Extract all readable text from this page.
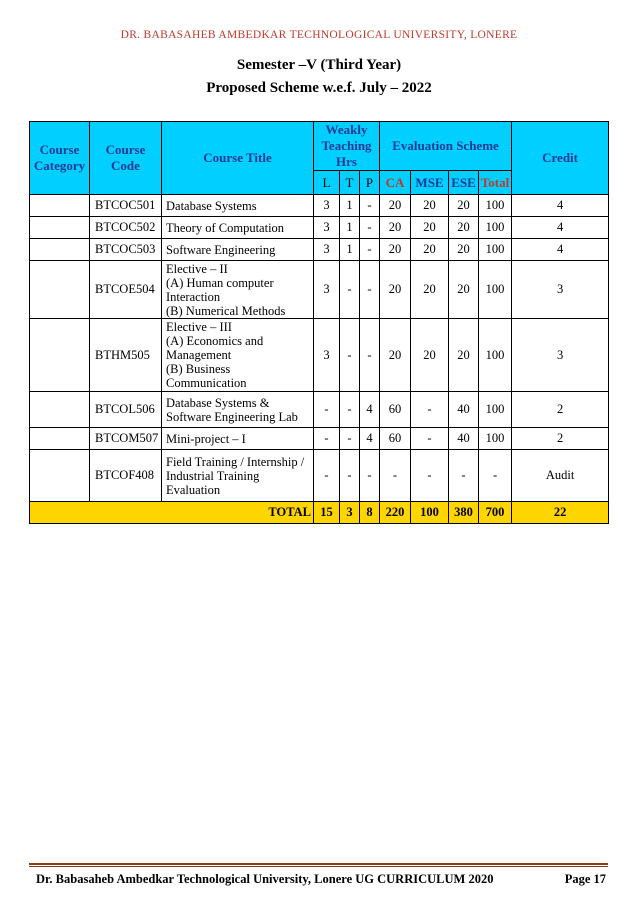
DR. BABASAHEB AMBEDKAR TECHNOLOGICAL UNIVERSITY, LONERE
Semester –V (Third Year)
Proposed Scheme w.e.f. July – 2022
Course Category	Course Code	Course Title	Weakly Teaching Hrs			Evaluation Scheme				Credit
			L	T	P	CA	MSE	ESE	Total	
	BTCOC501	Database Systems	3	1	-	20	20	20	100	4
	BTCOC502	Theory of Computation	3	1	-	20	20	20	100	4
	BTCOC503	Software Engineering	3	1	-	20	20	20	100	4
	BTCOE504	Elective – II
(A) Human computer
Interaction
(B) Numerical Methods	3	-	-	20	20	20	100	3
	BTHM505	Elective – III
(A) Economics and
Management
(B) Business
Communication	3	-	-	20	20	20	100	3
	BTCOL506	Database Systems &
Software Engineering Lab	-	-	4	60	-	40	100	2
	BTCOM507	Mini-project – I	-	-	4	60	-	40	100	2
	BTCOF408	Field Training / Internship /
Industrial Training
Evaluation	-	-	-	-	-	-	-	Audit
TOTAL			15	3	8	220	100	380	700	22
Dr. Babasaheb Ambedkar Technological University, Lonere UG CURRICULUM 2020	Page 17
